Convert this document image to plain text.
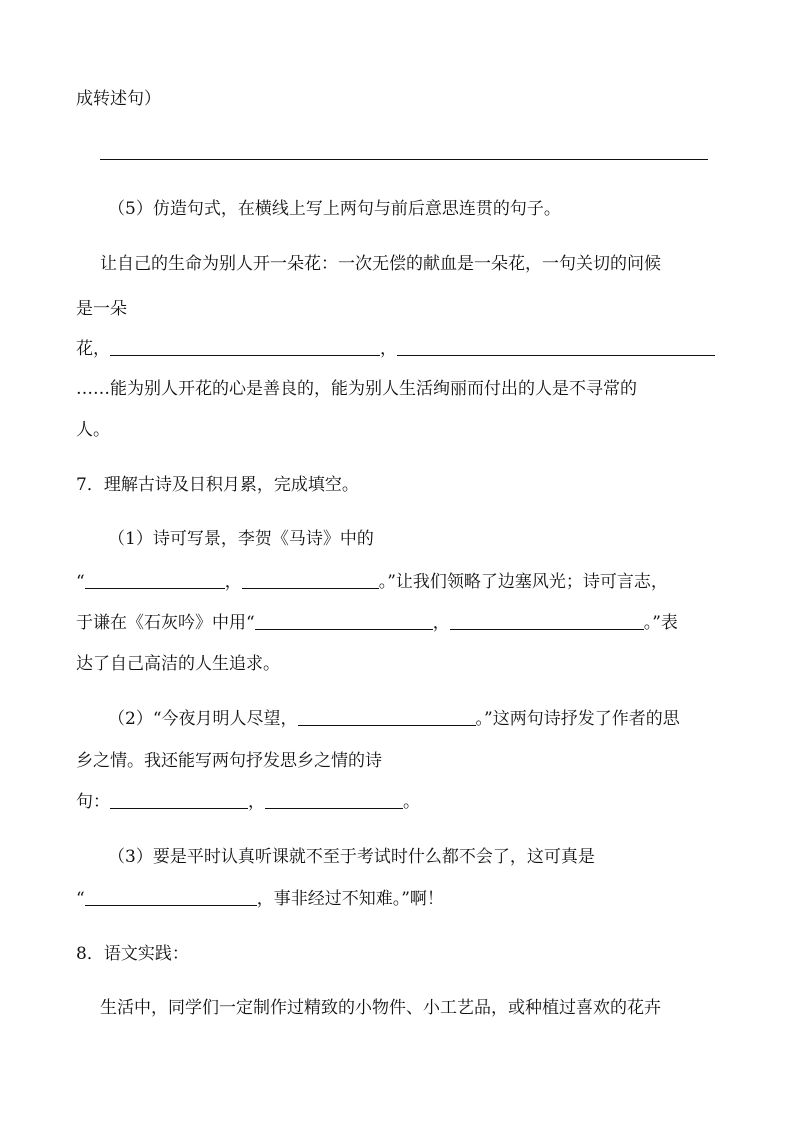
成转述句）
（5）仿造句式，在横线上写上两句与前后意思连贯的句子。
让自己的生命为别人开一朵花：一次无偿的献血是一朵花，一句关切的问候
是一朵
花，	，
……能为别人开花的心是善良的，能为别人生活绚丽而付出的人是不寻常的
人。
7．理解古诗及日积月累，完成填空。
（1）诗可写景，李贺《马诗》中的
“	，	。”让我们领略了边塞风光；诗可言志，
于谦在《石灰吟》中用“	，	。”表
达了自己高洁的人生追求。
（2）“今夜月明人尽望，	。”这两句诗抒发了作者的思
乡之情。我还能写两句抒发思乡之情的诗
句：	，	。
（3）要是平时认真听课就不至于考试时什么都不会了，这可真是
“	，事非经过不知难。”啊！
8．语文实践：
生活中，同学们一定制作过精致的小物件、小工艺品，或种植过喜欢的花卉
